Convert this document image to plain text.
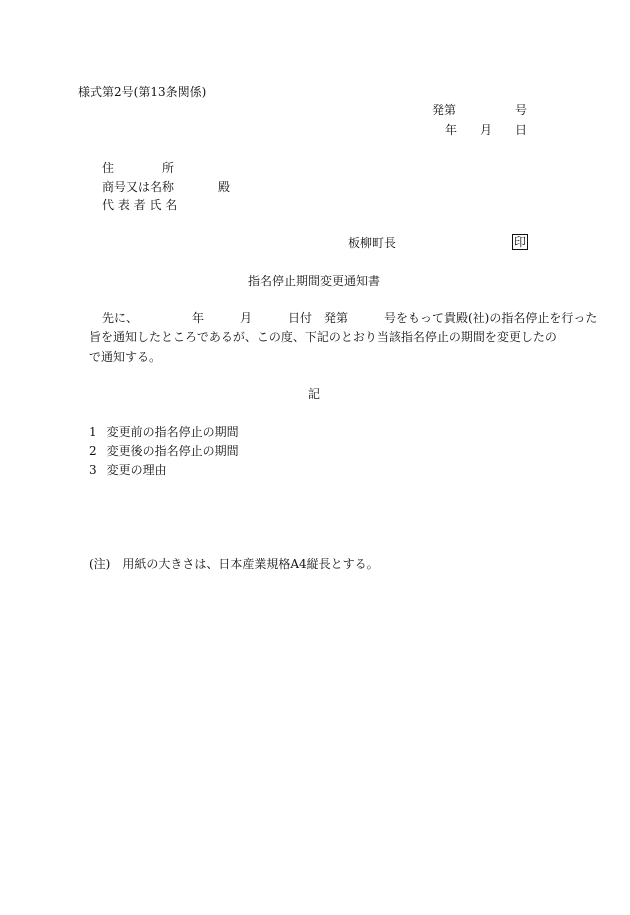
様式第2号(第13条関係)
発第	号
年 月 日
住　　　　所
商号又は名称	殿
代 表 者 氏 名
板柳町長	印
指名停止期間変更通知書
先に、　　　　　年　　　月　　　日付　発第　　　号をもって貴殿(社)の指名停止を行った
旨を通知したところであるが、この度、下記のとおり当該指名停止の期間を変更したの
で通知する。
記
1 変更前の指名停止の期間
2 変更後の指名停止の期間
3 変更の理由
(注)　用紙の大きさは、日本産業規格A4縦長とする。
